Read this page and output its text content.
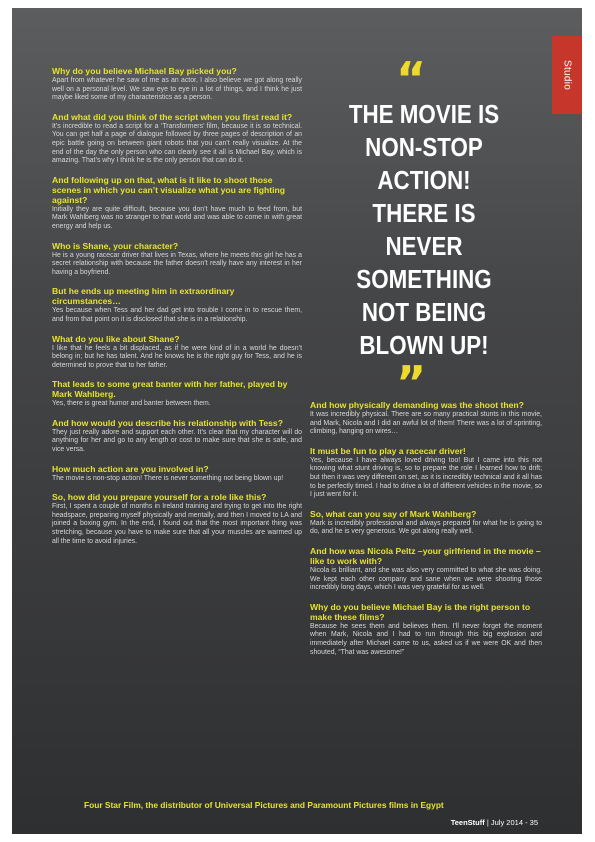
Studio

Why do you believe Michael Bay picked you?

Apart from whatever he saw of me as an actor, I also believe we got along really well on a personal level. We saw eye to eye in a lot of things, and I think he just maybe liked some of my characteristics as a person.

And what did you think of the script when you first read it?

It’s incredible to read a script for a ‘Transformers’ film, because it is so technical. You can get half a page of dialogue followed by three pages of description of an epic battle going on between giant robots that you can’t really visualize. At the end of the day the only person who can clearly see it all is Michael Bay, which is amazing. That’s why I think he is the only person that can do it.

And following up on that, what is it like to shoot those scenes in which you can’t visualize what you are fighting against?

Initially they are quite difficult, because you don’t have much to feed from, but Mark Wahlberg was no stranger to that world and was able to come in with great energy and help us.

Who is Shane, your character?

He is a young racecar driver that lives in Texas, where he meets this girl he has a secret relationship with because the father doesn’t really have any interest in her having a boyfriend.

But he ends up meeting him in extraordinary circumstances…

Yes because when Tess and her dad get into trouble I come in to rescue them, and from that point on it is disclosed that she is in a relationship.

What do you like about Shane?

I like that he feels a bit displaced, as if he were kind of in a world he doesn’t belong in; but he has talent. And he knows he is the right guy for Tess, and he is determined to prove that to her father.

That leads to some great banter with her father, played by Mark Wahlberg.

Yes, there is great humor and banter between them.

And how would you describe his relationship with Tess?

They just really adore and support each other. It’s clear that my character will do anything for her and go to any length or cost to make sure that she is safe, and vice versa.

How much action are you involved in?

The movie is non-stop action! There is never something not being blown up!

So, how did you prepare yourself for a role like this?

First, I spent a couple of months in Ireland training and trying to get into the right headspace, preparing myself physically and mentally, and then I moved to LA and joined a boxing gym. In the end, I found out that the most important thing was stretching, because you have to make sure that all your muscles are warmed up all the time to avoid injuries.

“

THE MOVIE IS NON-STOP ACTION! THERE IS NEVER SOMETHING NOT BEING BLOWN UP!

”

And how physically demanding was the shoot then?

It was incredibly physical. There are so many practical stunts in this movie, and Mark, Nicola and I did an awful lot of them! There was a lot of sprinting, climbing, hanging on wires…

It must be fun to play a racecar driver!

Yes, because I have always loved driving too! But I came into this not knowing what stunt driving is, so to prepare the role I learned how to drift; but then it was very different on set, as it is incredibly technical and it all has to be perfectly timed. I had to drive a lot of different vehicles in the movie, so I just went for it.

So, what can you say of Mark Wahlberg?

Mark is incredibly professional and always prepared for what he is going to do, and he is very generous. We got along really well.

And how was Nicola Peltz –your girlfriend in the movie – like to work with?

Nicola is brilliant, and she was also very committed to what she was doing. We kept each other company and sane when we were shooting those incredibly long days, which I was very grateful for as well.

Why do you believe Michael Bay is the right person to make these films?

Because he sees them and believes them. I’ll never forget the moment when Mark, Nicola and I had to run through this big explosion and immediately after Michael came to us, asked us if we were OK and then shouted, “That was awesome!”

Four Star Film, the distributor of Universal Pictures and Paramount Pictures films in Egypt

TeenStuff | July 2014 - 35
